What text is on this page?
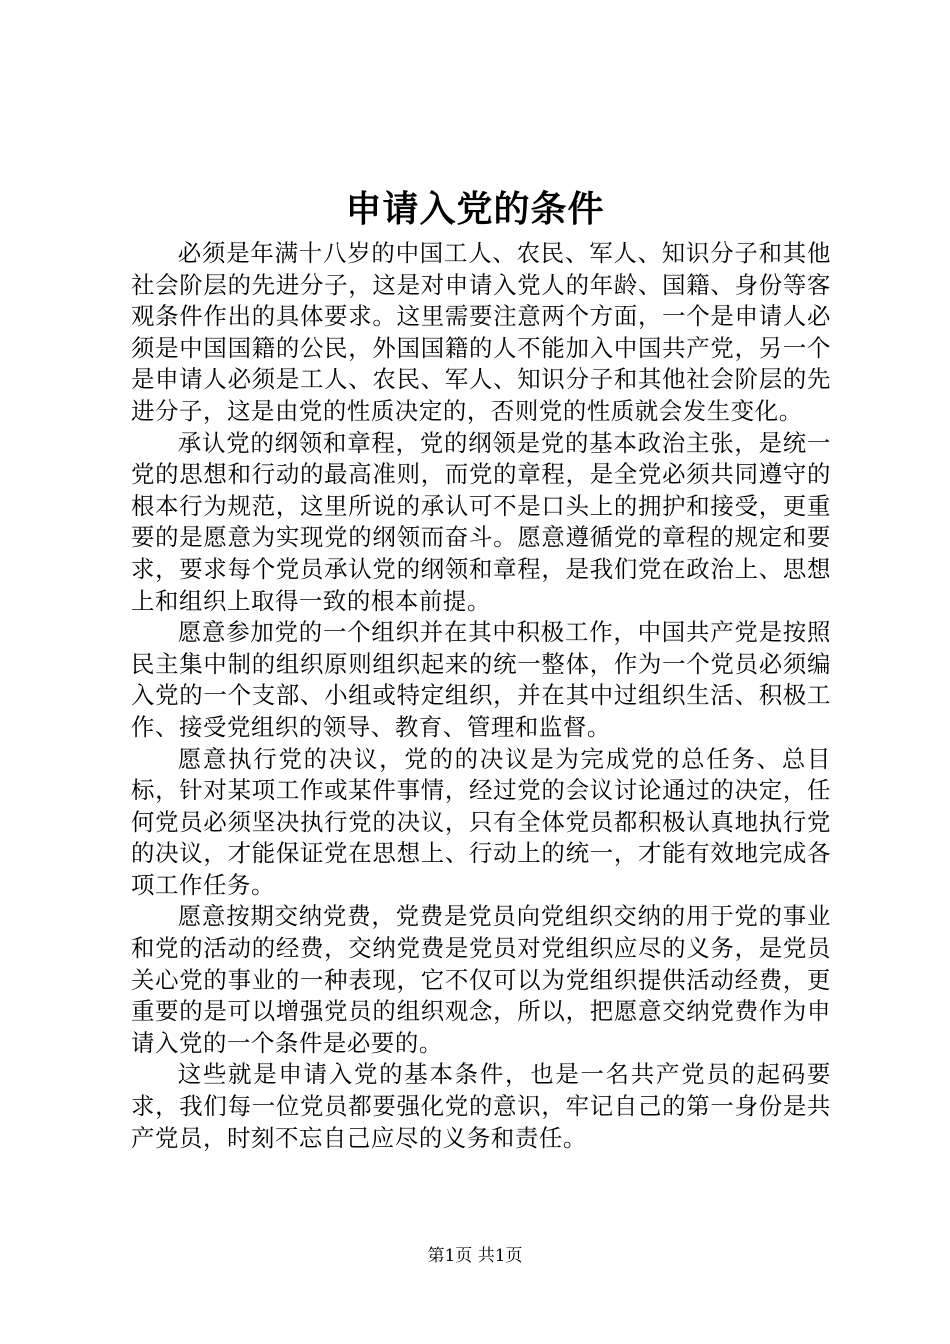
申请入党的条件

必须是年满十八岁的中国工人、农民、军人、知识分子和其他社会阶层的先进分子，这是对申请入党人的年龄、国籍、身份等客观条件作出的具体要求。这里需要注意两个方面，一个是申请人必须是中国国籍的公民，外国国籍的人不能加入中国共产党，另一个是申请人必须是工人、农民、军人、知识分子和其他社会阶层的先进分子，这是由党的性质决定的，否则党的性质就会发生变化。

承认党的纲领和章程，党的纲领是党的基本政治主张，是统一党的思想和行动的最高准则，而党的章程，是全党必须共同遵守的根本行为规范，这里所说的承认可不是口头上的拥护和接受，更重要的是愿意为实现党的纲领而奋斗。愿意遵循党的章程的规定和要求，要求每个党员承认党的纲领和章程，是我们党在政治上、思想上和组织上取得一致的根本前提。

愿意参加党的一个组织并在其中积极工作，中国共产党是按照民主集中制的组织原则组织起来的统一整体，作为一个党员必须编入党的一个支部、小组或特定组织，并在其中过组织生活、积极工作、接受党组织的领导、教育、管理和监督。

愿意执行党的决议，党的的决议是为完成党的总任务、总目标，针对某项工作或某件事情，经过党的会议讨论通过的决定，任何党员必须坚决执行党的决议，只有全体党员都积极认真地执行党的决议，才能保证党在思想上、行动上的统一，才能有效地完成各项工作任务。

愿意按期交纳党费，党费是党员向党组织交纳的用于党的事业和党的活动的经费，交纳党费是党员对党组织应尽的义务，是党员关心党的事业的一种表现，它不仅可以为党组织提供活动经费，更重要的是可以增强党员的组织观念，所以，把愿意交纳党费作为申请入党的一个条件是必要的。

这些就是申请入党的基本条件，也是一名共产党员的起码要求，我们每一位党员都要强化党的意识，牢记自己的第一身份是共产党员，时刻不忘自己应尽的义务和责任。

第1页 共1页
